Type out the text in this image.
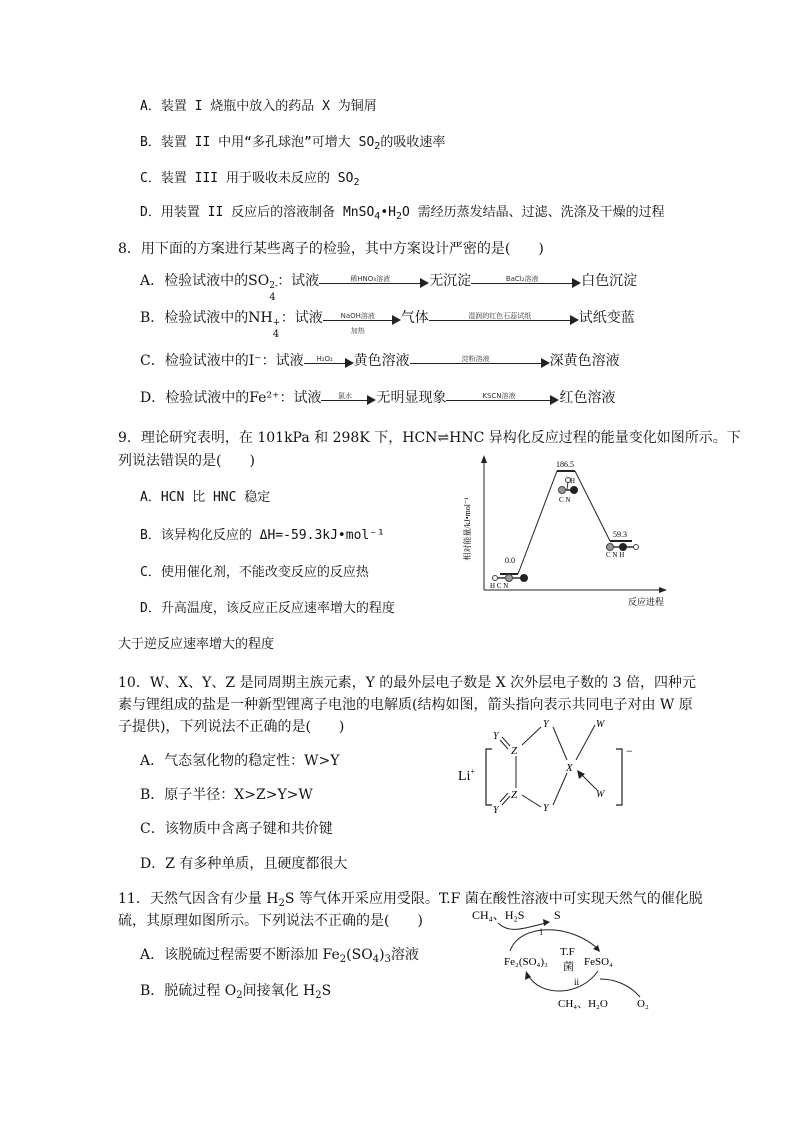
A．装置 I 烧瓶中放入的药品 X 为铜屑
B．装置 II 中用“多孔球泡”可增大 $SO_2$的吸收速率
C．装置 III 用于吸收未反应的 $SO_2$
D．用装置 II 反应后的溶液制备 $MnSO_4•H_2O$ 需经历蒸发结晶、过滤、洗涤及干燥的过程
8．用下面的方案进行某些离子的检验，其中方案设计严密的是(　　)
A．检验试液中的SO 2-
4
：试液	稀HNO₃溶液	无沉淀	BaCl₂溶液	白色沉淀
B．检验试液中的NH +
4
：试液	NaOH溶液
加热
气体	湿润的红色石蕊试纸	试纸变蓝
C．检验试液中的I⁻：试液	H₂O₂	黄色溶液	淀粉溶液	深黄色溶液
D．检验试液中的Fe²⁺：试液	氯水	无明显现象	KSCN溶液	红色溶液
9．理论研究表明，在 101kPa 和 298K 下，HCN⇌HNC 异构化反应过程的能量变化如图所示。下
列说法错误的是(　　)
A．HCN 比 HNC 稳定
B．该异构化反应的 ΔH=-59.3kJ•mol⁻¹
C．使用催化剂，不能改变反应的反应热
D．升高温度，该反应正反应速率增大的程度
大于逆反应速率增大的程度
相对能量/kJ•mol⁻¹
反应进程
0.0
186.5
59.3
H C N
H
C N
C N H
10．W、X、Y、Z 是同周期主族元素，Y 的最外层电子数是 X 次外层电子数的 3 倍，四种元
素与锂组成的盐是一种新型锂离子电池的电解质(结构如图，箭头指向表示共同电子对由 W 原
子提供)，下列说法不正确的是(　　)
A．气态氢化物的稳定性：W>Y
B．原子半径：X>Z>Y>W
C．该物质中含离子键和共价键
D．Z 有多种单质，且硬度都很大
Li+
−
Z
Z
Y
Y
Y
Y
X
W
W
11．天然气因含有少量 $H_2S$ 等气体开采应用受限。T.F 菌在酸性溶液中可实现天然气的催化脱
硫，其原理如图所示。下列说法不正确的是(　　)
A．该脱硫过程需要不断添加 $Fe_2(SO_4)_3$溶液
B．脱硫过程 $O_2$间接氧化 $H_2S$
CH₄、H₂S S
Fe₂(SO₄)₃
T.F
菌 FeSO₄
CH₄、H₂O	O₂
i
ii
